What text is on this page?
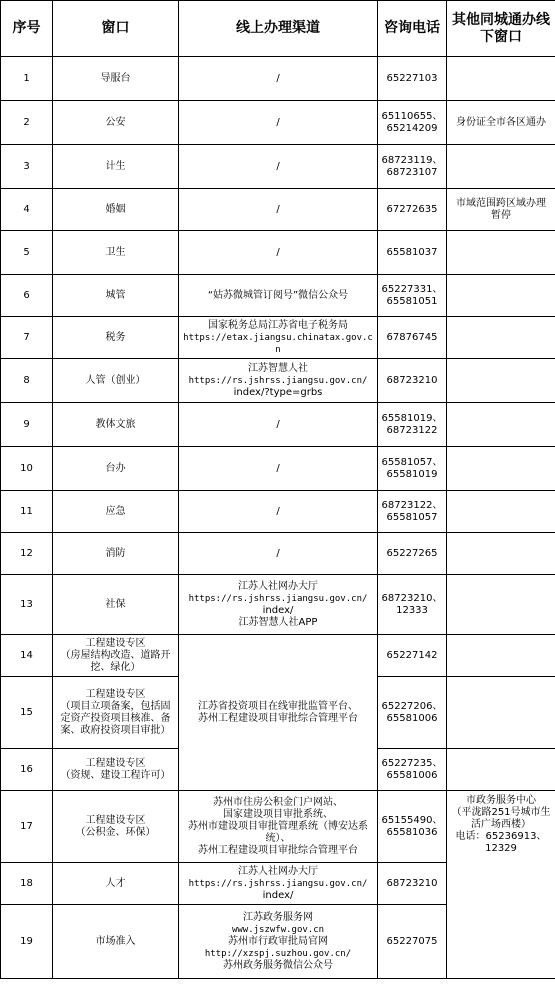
序号	窗口	线上办理渠道	咨询电话	其他同城通办线下窗口
1	导服台	/	65227103	

2	公安	/	65110655、
65214209	身份证全市各区通办

3	计生	/	68723119、
68723107	

4	婚姻	/	67272635	市域范围跨区域办理
暂停

5	卫生	/	65581037	

6	城管	“姑苏微城管订阅号”微信公众号	65227331、
65581051	

7	税务	国家税务总局江苏省电子税务局
https://etax.jiangsu.chinatax.gov.cn	67876745	

8	人管（创业）	江苏智慧人社
https://rs.jshrss.jiangsu.gov.cn/
index/?type=grbs	68723210	

9	教体文旅	/	65581019、
68723122	

10	台办	/	65581057、
65581019	

11	应急	/	68723122、
65581057	

12	消防	/	65227265	

13	社保	江苏人社网办大厅
https://rs.jshrss.jiangsu.gov.cn/
index/
江苏智慧人社APP	68723210、
12333	

14	工程建设专区
（房屋结构改造、道路开
挖、绿化）	江苏省投资项目在线审批监管平台、
苏州工程建设项目审批综合管理平台	65227142	

15	工程建设专区
（项目立项备案，包括固
定资产投资项目核准、备
案、政府投资项目审批）		65227206、
65581006	

16	工程建设专区
（资规、建设工程许可）		65227235、
65581006	

17	工程建设专区
（公积金、环保）	苏州市住房公积金门户网站、
国家建设项目审批系统、
苏州市建设项目审批管理系统（博安达系
统）、
苏州工程建设项目审批综合管理平台	65155490、
65581036	市政务服务中心
（平泷路251号城市生
活广场西楼）
电话：65236913、
12329

18	人才	江苏人社网办大厅
https://rs.jshrss.jiangsu.gov.cn/
index/	68723210	

19	市场准入	江苏政务服务网
www.jszwfw.gov.cn
苏州市行政审批局官网
http://xzspj.suzhou.gov.cn/
苏州政务服务微信公众号	65227075	
